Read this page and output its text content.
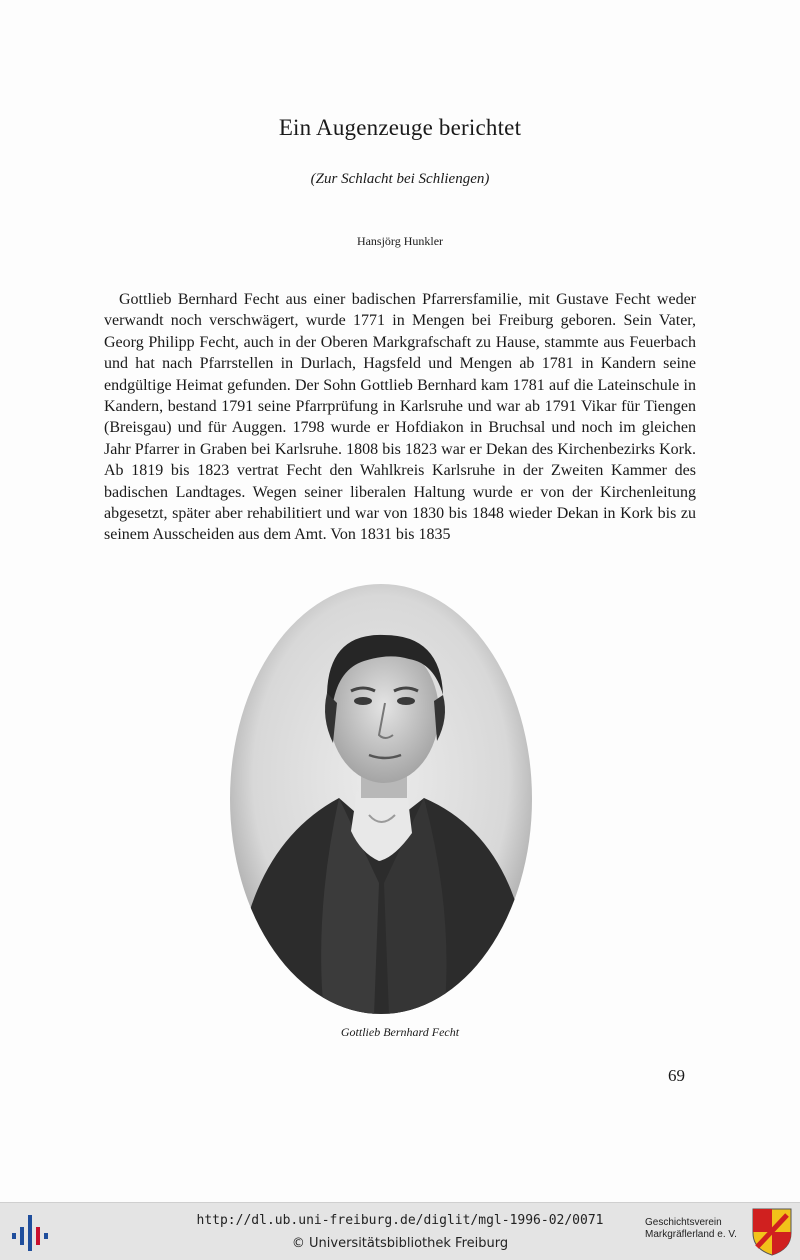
Ein Augenzeuge berichtet
(Zur Schlacht bei Schliengen)
Hansjörg Hunkler
Gottlieb Bernhard Fecht aus einer badischen Pfarrersfamilie, mit Gustave Fecht weder verwandt noch verschwägert, wurde 1771 in Mengen bei Freiburg geboren. Sein Vater, Georg Philipp Fecht, auch in der Oberen Markgrafschaft zu Hause, stammte aus Feuerbach und hat nach Pfarrstellen in Durlach, Hagsfeld und Mengen ab 1781 in Kandern seine endgültige Heimat gefunden. Der Sohn Gottlieb Bernhard kam 1781 auf die Lateinschule in Kandern, bestand 1791 seine Pfarrprüfung in Karlsruhe und war ab 1791 Vikar für Tiengen (Breisgau) und für Auggen. 1798 wurde er Hofdiakon in Bruchsal und noch im gleichen Jahr Pfarrer in Graben bei Karlsruhe. 1808 bis 1823 war er Dekan des Kirchenbezirks Kork. Ab 1819 bis 1823 vertrat Fecht den Wahlkreis Karlsruhe in der Zweiten Kammer des badischen Landtages. Wegen seiner liberalen Haltung wurde er von der Kirchenleitung abgesetzt, später aber rehabilitiert und war von 1830 bis 1848 wieder Dekan in Kork bis zu seinem Ausscheiden aus dem Amt. Von 1831 bis 1835
Gottlieb Bernhard Fecht
69
http://dl.ub.uni-freiburg.de/diglit/mgl-1996-02/0071
© Universitätsbibliothek Freiburg
Geschichtsverein
Markgräflerland e. V.
